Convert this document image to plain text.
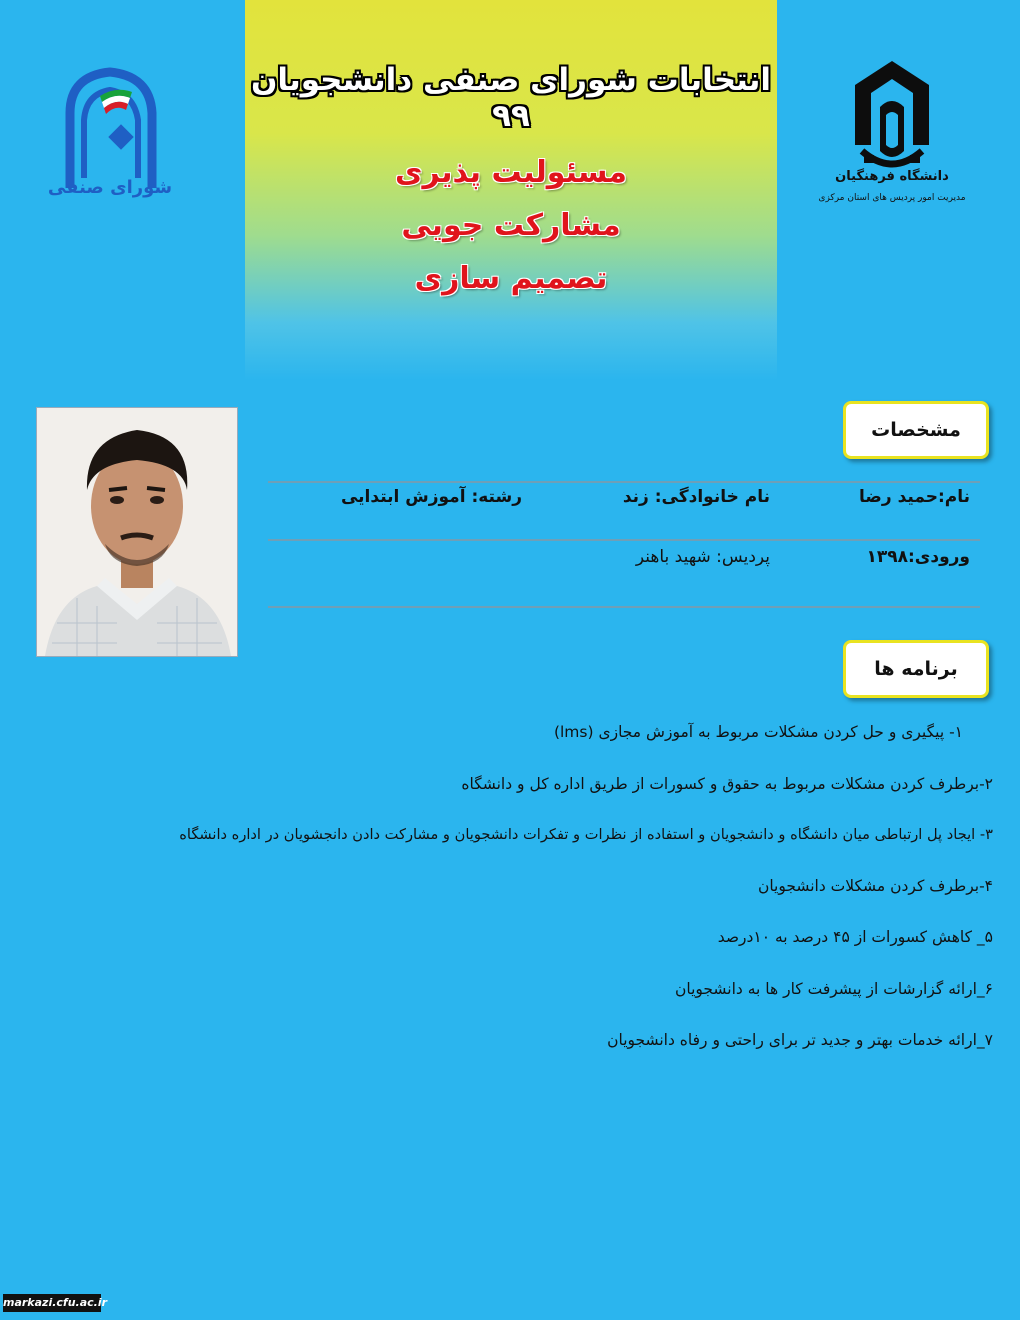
انتخابات شورای صنفی دانشجویان ۹۹
مسئولیت پذیری
مشارکت جویی
تصمیم سازی
دانشگاه فرهنگیان
مدیریت امور پردیس های استان مرکزی
شورای صنفی
مشخصات
نام:حمید رضا
نام خانوادگی: زند
رشته: آموزش ابتدایی
ورودی:۱۳۹۸
پردیس: شهید باهنر
برنامه ها
۱- پیگیری و حل کردن مشکلات مربوط به آموزش مجازی (lms)
۲-برطرف کردن مشکلات مربوط به حقوق و کسورات از طریق اداره کل و دانشگاه
۳- ایجاد پل ارتباطی میان دانشگاه و دانشجویان و استفاده از نظرات و تفکرات دانشجویان و مشارکت دادن دانجشویان در اداره دانشگاه
۴-برطرف کردن مشکلات دانشجویان
۵_ کاهش کسورات از ۴۵ درصد به ۱۰درصد
۶_ارائه گزارشات از پیشرفت کار ها به دانشجویان
۷_ارائه خدمات بهتر و جدید تر برای راحتی و رفاه دانشجویان
markazi.cfu.ac.ir
